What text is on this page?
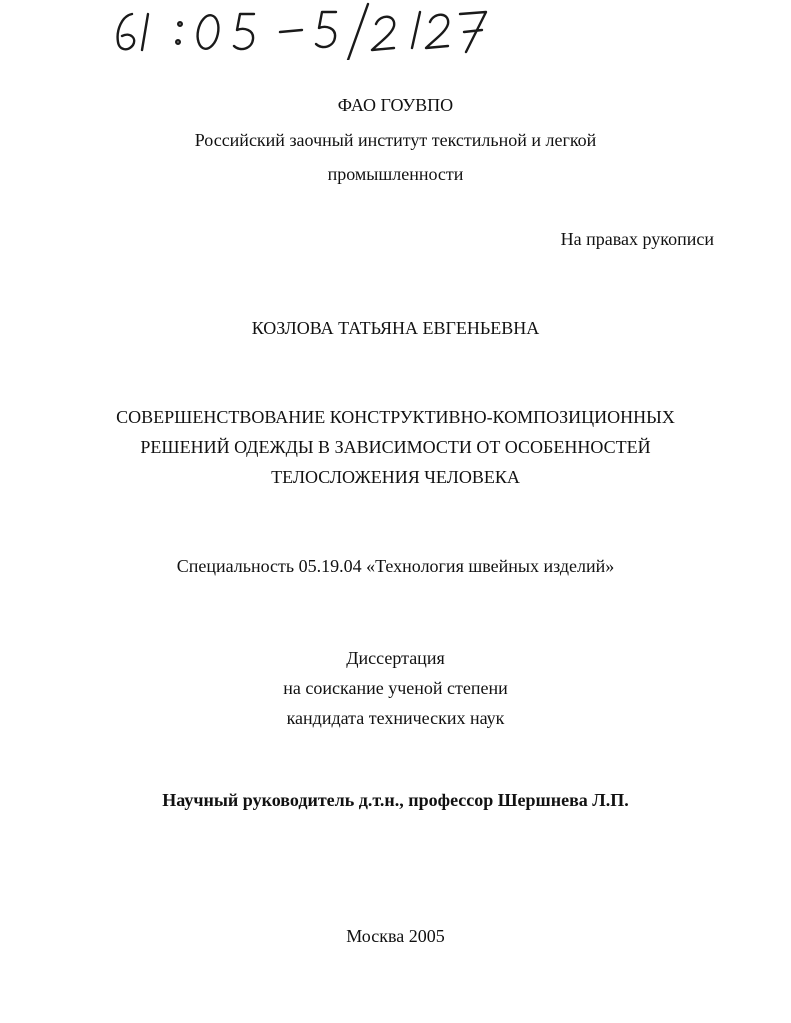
ФАО ГОУВПО
Российский заочный институт текстильной и легкой
промышленности
На правах рукописи
КОЗЛОВА ТАТЬЯНА ЕВГЕНЬЕВНА
СОВЕРШЕНСТВОВАНИЕ КОНСТРУКТИВНО-КОМПОЗИЦИОННЫХ
РЕШЕНИЙ ОДЕЖДЫ В ЗАВИСИМОСТИ ОТ ОСОБЕННОСТЕЙ
ТЕЛОСЛОЖЕНИЯ ЧЕЛОВЕКА
Специальность 05.19.04 «Технология швейных изделий»
Диссертация
на соискание ученой степени
кандидата технических наук
Научный руководитель д.т.н., профессор Шершнева Л.П.
Москва 2005
